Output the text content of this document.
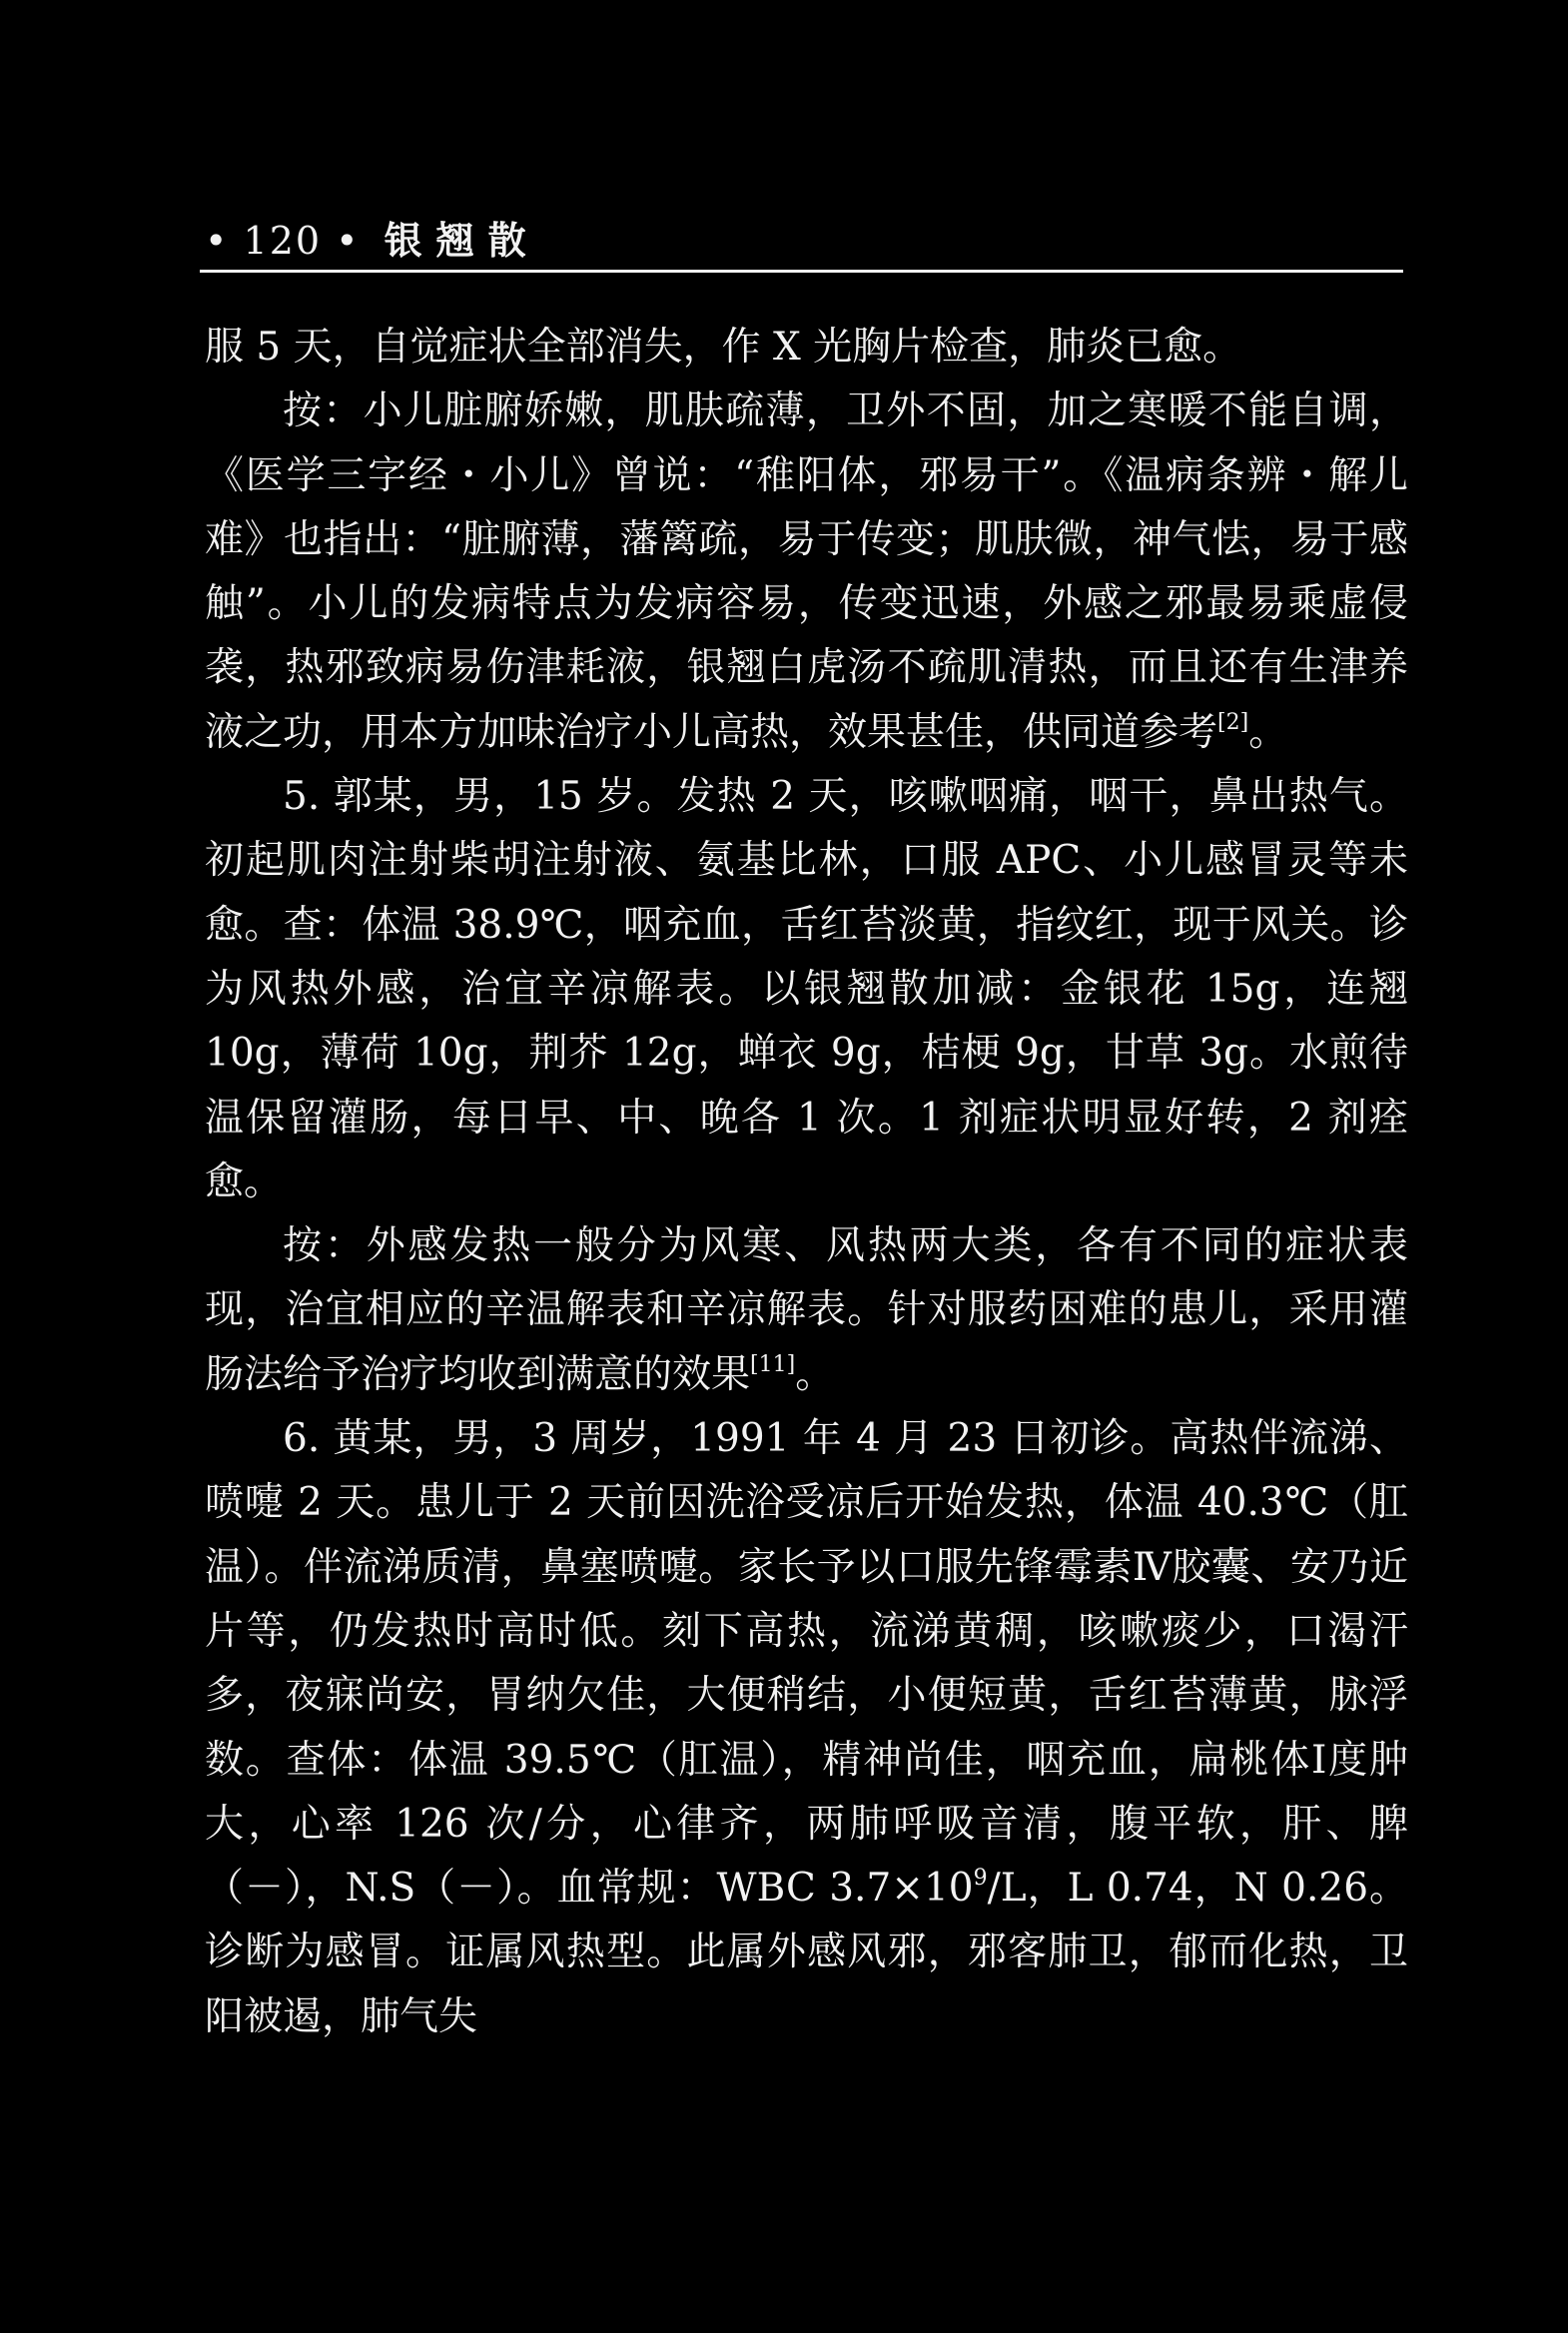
• 120 • 银翘散

服 5 天，自觉症状全部消失，作 X 光胸片检查，肺炎已愈。

按：小儿脏腑娇嫩，肌肤疏薄，卫外不固，加之寒暖不能自调，《医学三字经・小儿》曾说：“稚阳体，邪易干”。《温病条辨・解儿难》也指出：“脏腑薄，藩篱疏，易于传变；肌肤微，神气怯，易于感触”。小儿的发病特点为发病容易，传变迅速，外感之邪最易乘虚侵袭，热邪致病易伤津耗液，银翘白虎汤不疏肌清热，而且还有生津养液之功，用本方加味治疗小儿高热，效果甚佳，供同道参考[2]。

5. 郭某，男，15 岁。发热 2 天，咳嗽咽痛，咽干，鼻出热气。初起肌肉注射柴胡注射液、氨基比林，口服 APC、小儿感冒灵等未愈。查：体温 38.9℃，咽充血，舌红苔淡黄，指纹红，现于风关。诊为风热外感，治宜辛凉解表。以银翘散加减：金银花 15g，连翘 10g，薄荷 10g，荆芥 12g，蝉衣 9g，桔梗 9g，甘草 3g。水煎待温保留灌肠，每日早、中、晚各 1 次。1 剂症状明显好转，2 剂痊愈。

按：外感发热一般分为风寒、风热两大类，各有不同的症状表现，治宜相应的辛温解表和辛凉解表。针对服药困难的患儿，采用灌肠法给予治疗均收到满意的效果[11]。

6. 黄某，男，3 周岁，1991 年 4 月 23 日初诊。高热伴流涕、喷嚏 2 天。患儿于 2 天前因洗浴受凉后开始发热，体温 40.3℃（肛温）。伴流涕质清，鼻塞喷嚏。家长予以口服先锋霉素Ⅳ胶囊、安乃近片等，仍发热时高时低。刻下高热，流涕黄稠，咳嗽痰少，口渴汗多，夜寐尚安，胃纳欠佳，大便稍结，小便短黄，舌红苔薄黄，脉浮数。查体：体温 39.5℃（肛温），精神尚佳，咽充血，扁桃体Ⅰ度肿大，心率 126 次/分，心律齐，两肺呼吸音清，腹平软，肝、脾（－），N.S（－）。血常规：WBC $3.7\times 10^9/L$，L 0.74，N 0.26。诊断为感冒。证属风热型。此属外感风邪，邪客肺卫，郁而化热，卫阳被遏，肺气失
